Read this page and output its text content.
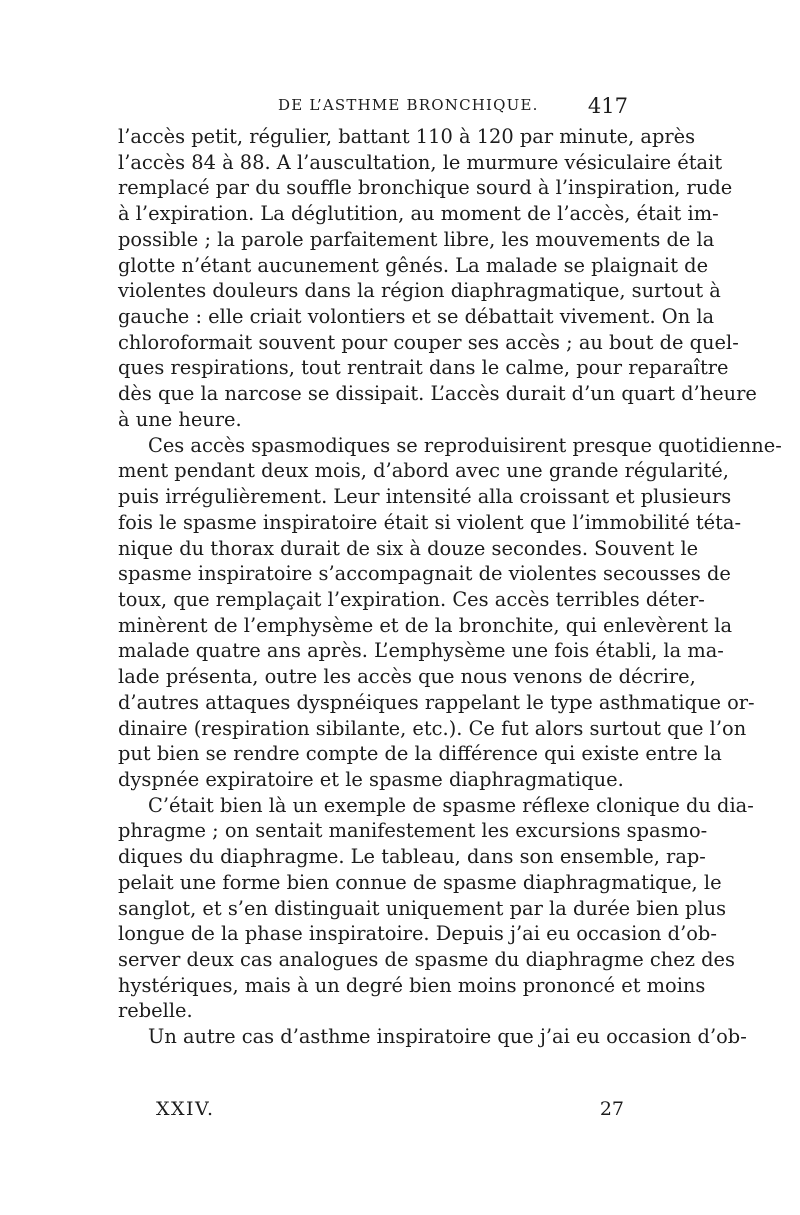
DE L’ASTHME BRONCHIQUE. 417
l’accès petit, régulier, battant 110 à 120 par minute, après
l’accès 84 à 88. A l’auscultation, le murmure vésiculaire était
remplacé par du souffle bronchique sourd à l’inspiration, rude
à l’expiration. La déglutition, au moment de l’accès, était im-
possible ; la parole parfaitement libre, les mouvements de la
glotte n’étant aucunement gênés. La malade se plaignait de
violentes douleurs dans la région diaphragmatique, surtout à
gauche : elle criait volontiers et se débattait vivement. On la
chloroformait souvent pour couper ses accès ; au bout de quel-
ques respirations, tout rentrait dans le calme, pour reparaître
dès que la narcose se dissipait. L’accès durait d’un quart d’heure
à une heure.
Ces accès spasmodiques se reproduisirent presque quotidienne-
ment pendant deux mois, d’abord avec une grande régularité,
puis irrégulièrement. Leur intensité alla croissant et plusieurs
fois le spasme inspiratoire était si violent que l’immobilité téta-
nique du thorax durait de six à douze secondes. Souvent le
spasme inspiratoire s’accompagnait de violentes secousses de
toux, que remplaçait l’expiration. Ces accès terribles déter-
minèrent de l’emphysème et de la bronchite, qui enlevèrent la
malade quatre ans après. L’emphysème une fois établi, la ma-
lade présenta, outre les accès que nous venons de décrire,
d’autres attaques dyspnéiques rappelant le type asthmatique or-
dinaire (respiration sibilante, etc.). Ce fut alors surtout que l’on
put bien se rendre compte de la différence qui existe entre la
dyspnée expiratoire et le spasme diaphragmatique.
C’était bien là un exemple de spasme réflexe clonique du dia-
phragme ; on sentait manifestement les excursions spasmo-
diques du diaphragme. Le tableau, dans son ensemble, rap-
pelait une forme bien connue de spasme diaphragmatique, le
sanglot, et s’en distinguait uniquement par la durée bien plus
longue de la phase inspiratoire. Depuis j’ai eu occasion d’ob-
server deux cas analogues de spasme du diaphragme chez des
hystériques, mais à un degré bien moins prononcé et moins
rebelle.
Un autre cas d’asthme inspiratoire que j’ai eu occasion d’ob-
XXIV.	27
